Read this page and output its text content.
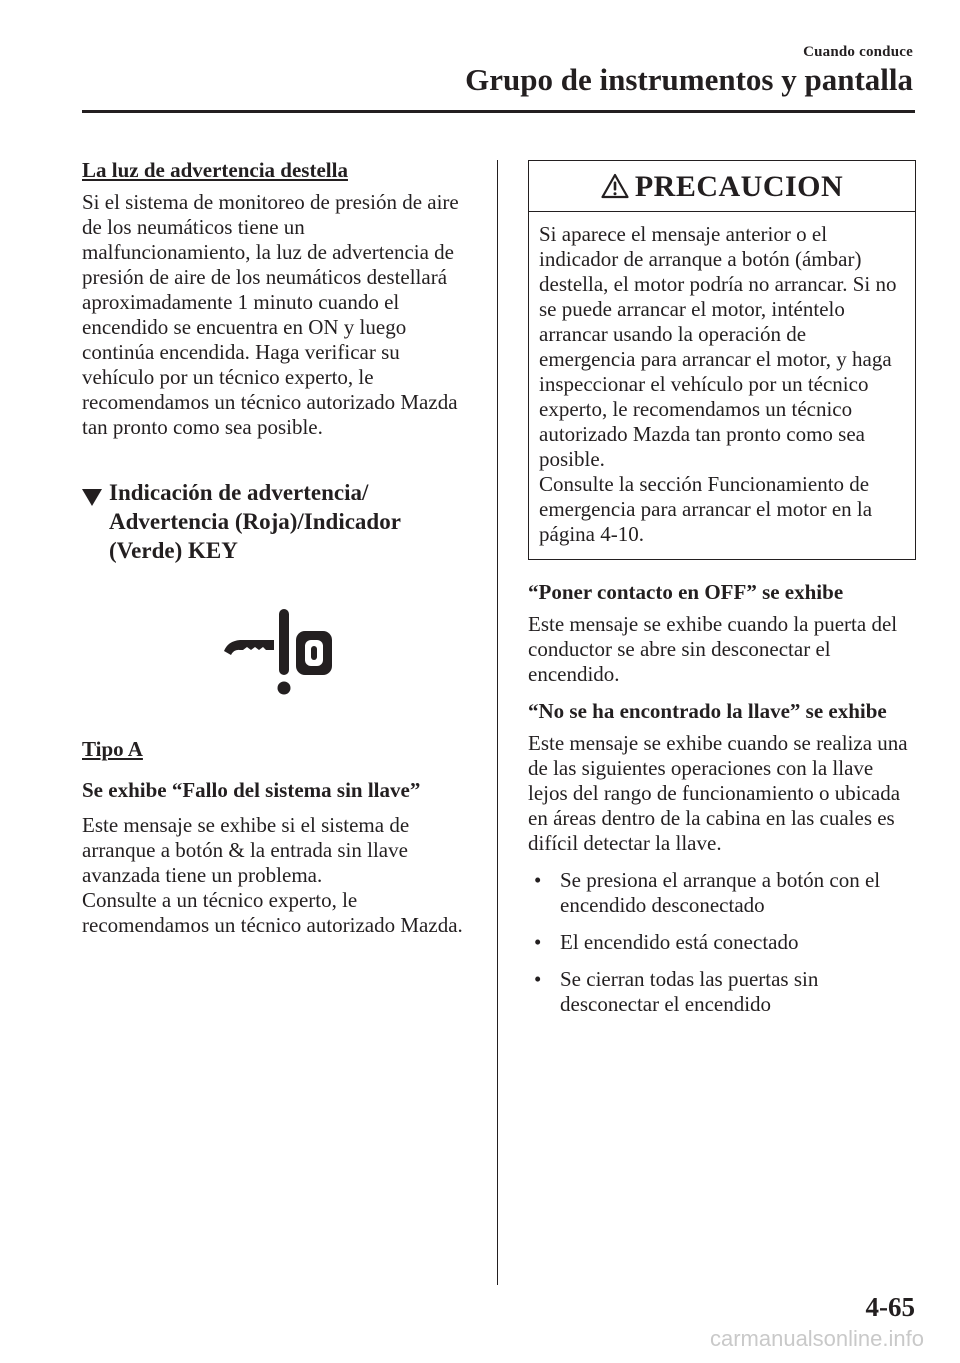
Cuando conduce
Grupo de instrumentos y pantalla
La luz de advertencia destella
Si el sistema de monitoreo de presión de aire de los neumáticos tiene un malfuncionamiento, la luz de advertencia de presión de aire de los neumáticos destellará aproximadamente 1 minuto cuando el encendido se encuentra en ON y luego continúa encendida. Haga verificar su vehículo por un técnico experto, le recomendamos un técnico autorizado Mazda tan pronto como sea posible.
Indicación de advertencia/
Advertencia (Roja)/Indicador
(Verde) KEY
Tipo A
Se exhibe “Fallo del sistema sin llave”
Este mensaje se exhibe si el sistema de arranque a botón & la entrada sin llave avanzada tiene un problema.
Consulte a un técnico experto, le recomendamos un técnico autorizado Mazda.
PRECAUCION
Si aparece el mensaje anterior o el indicador de arranque a botón (ámbar) destella, el motor podría no arrancar. Si no se puede arrancar el motor, inténtelo arrancar usando la operación de emergencia para arrancar el motor, y haga inspeccionar el vehículo por un técnico experto, le recomendamos un técnico autorizado Mazda tan pronto como sea posible.
Consulte la sección Funcionamiento de emergencia para arrancar el motor en la página 4-10.
“Poner contacto en OFF” se exhibe
Este mensaje se exhibe cuando la puerta del conductor se abre sin desconectar el encendido.
“No se ha encontrado la llave” se exhibe
Este mensaje se exhibe cuando se realiza una de las siguientes operaciones con la llave lejos del rango de funcionamiento o ubicada en áreas dentro de la cabina en las cuales es difícil detectar la llave.
• Se presiona el arranque a botón con el encendido desconectado
• El encendido está conectado
• Se cierran todas las puertas sin desconectar el encendido
4-65
carmanualsonline.info
